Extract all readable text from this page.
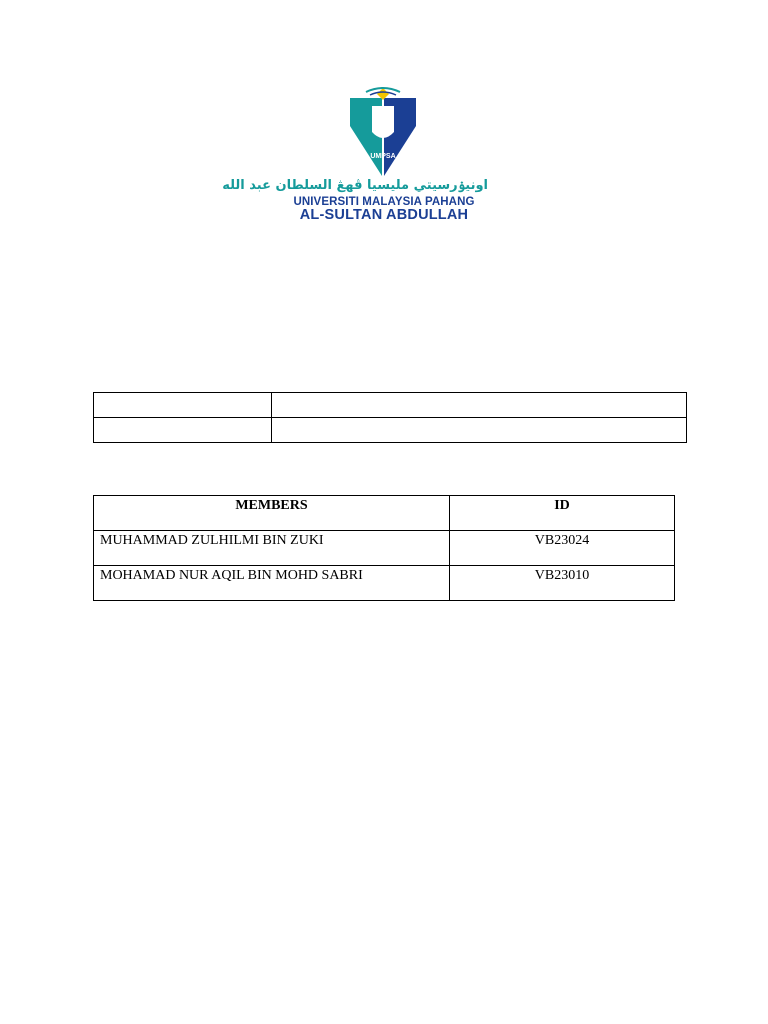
UMPSA
اونيۏرسيتي مليسيا ڤهڠ السلطان عبد الله
UNIVERSITI MALAYSIA PAHANG
AL-SULTAN ABDULLAH

MEMBERS	ID
MUHAMMAD ZULHILMI BIN ZUKI	VB23024
MOHAMAD NUR AQIL BIN MOHD SABRI	VB23010
